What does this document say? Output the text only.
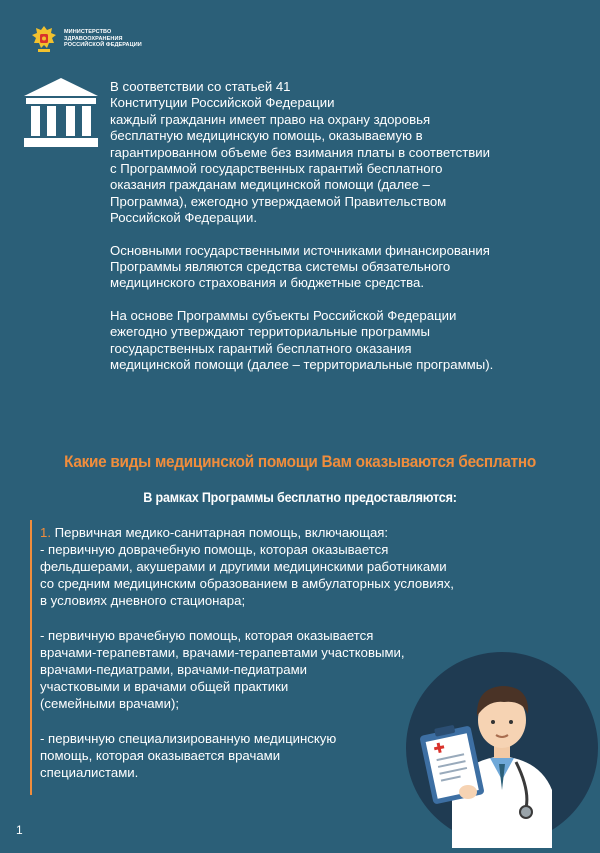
МИНИСТЕРСТВО
ЗДРАВООХРАНЕНИЯ
РОССИЙСКОЙ ФЕДЕРАЦИИ

В соответствии со статьей 41
Конституции Российской Федерации
каждый гражданин имеет право на охрану здоровья
бесплатную медицинскую помощь, оказываемую в
гарантированном объеме без взимания платы в соответствии
с Программой государственных гарантий бесплатного
оказания гражданам медицинской помощи (далее –
Программа), ежегодно утверждаемой Правительством
Российской Федерации.

Основными государственными источниками финансирования
Программы являются средства системы обязательного
медицинского страхования и бюджетные средства.

На основе Программы субъекты Российской Федерации
ежегодно утверждают территориальные программы
государственных гарантий бесплатного оказания
медицинской помощи (далее – территориальные программы).

Какие виды медицинской помощи Вам оказываются бесплатно
В рамках Программы бесплатно предоставляются:

1. Первичная медико-санитарная помощь, включающая:

- первичную доврачебную помощь, которая оказывается
фельдшерами, акушерами и другими медицинскими работниками
со средним медицинским образованием в амбулаторных условиях,
в условиях дневного стационара;

- первичную врачебную помощь, которая оказывается
врачами-терапевтами, врачами-терапевтами участковыми,
врачами-педиатрами, врачами-педиатрами
участковыми и врачами общей практики
(семейными врачами);

- первичную специализированную медицинскую
помощь, которая оказывается врачами
специалистами.

1
